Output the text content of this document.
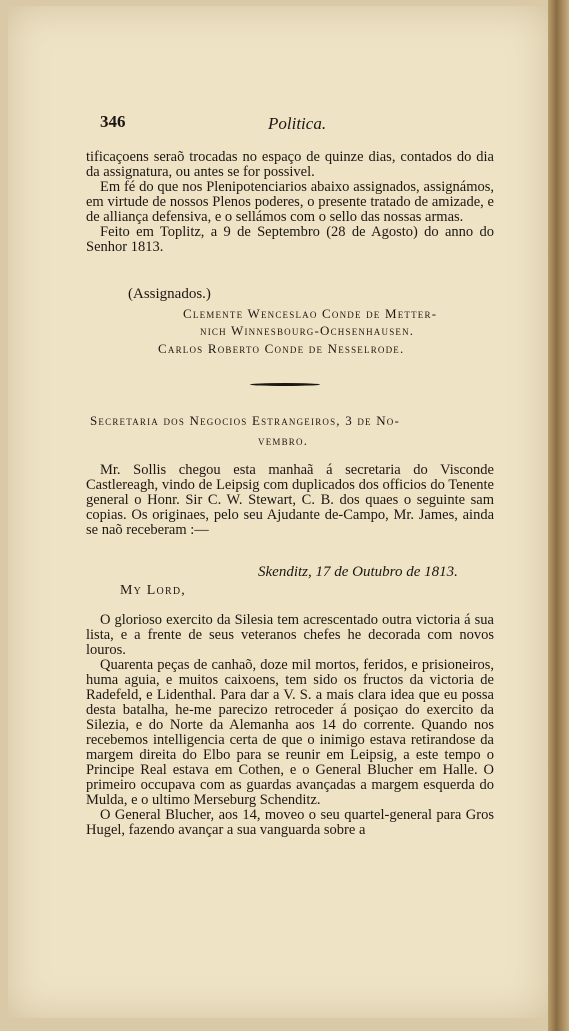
346	Politica.

tificaçoens seraõ trocadas no espaço de quinze dias, contados do dia da assignatura, ou antes se for possivel.

Em fé do que nos Plenipotenciarios abaixo assignados, assignámos, em virtude de nossos Plenos poderes, o presente tratado de amizade, e de alliança defensiva, e o sellámos com o sello das nossas armas.

Feito em Toplitz, a 9 de Septembro (28 de Agosto) do anno do Senhor 1813.

(Assignados.)
Clemente Wenceslao Conde de Metter-
nich Winnesbourg-Ochsenhausen.
Carlos Roberto Conde de Nesselrode.
Secretaria dos Negocios Estrangeiros, 3 de No-
vembro.

Mr. Sollis chegou esta manhaã á secretaria do Visconde Castlereagh, vindo de Leipsig com duplicados dos officios do Tenente general o Honr. Sir C. W. Stewart, C. B. dos quaes o seguinte sam copias. Os originaes, pelo seu Ajudante de-Campo, Mr. James, ainda se naõ receberam :—

Skenditz, 17 de Outubro de 1813.
My Lord,

O glorioso exercito da Silesia tem acrescentado outra victoria á sua lista, e a frente de seus veteranos chefes he decorada com novos louros.

Quarenta peças de canhaõ, doze mil mortos, feridos, e prisioneiros, huma aguia, e muitos caixoens, tem sido os fructos da victoria de Radefeld, e Lidenthal. Para dar a V. S. a mais clara idea que eu possa desta batalha, he-me parecizo retroceder á posiçao do exercito da Silezia, e do Norte da Alemanha aos 14 do corrente. Quando nos recebemos intelligencia certa de que o inimigo estava retirandose da margem direita do Elbo para se reunir em Leipsig, a este tempo o Principe Real estava em Cothen, e o General Blucher em Halle. O primeiro occupava com as guardas avançadas a margem esquerda do Mulda, e o ultimo Merseburg Schenditz.

O General Blucher, aos 14, moveo o seu quartel-general para Gros Hugel, fazendo avançar a sua vanguarda sobre a
